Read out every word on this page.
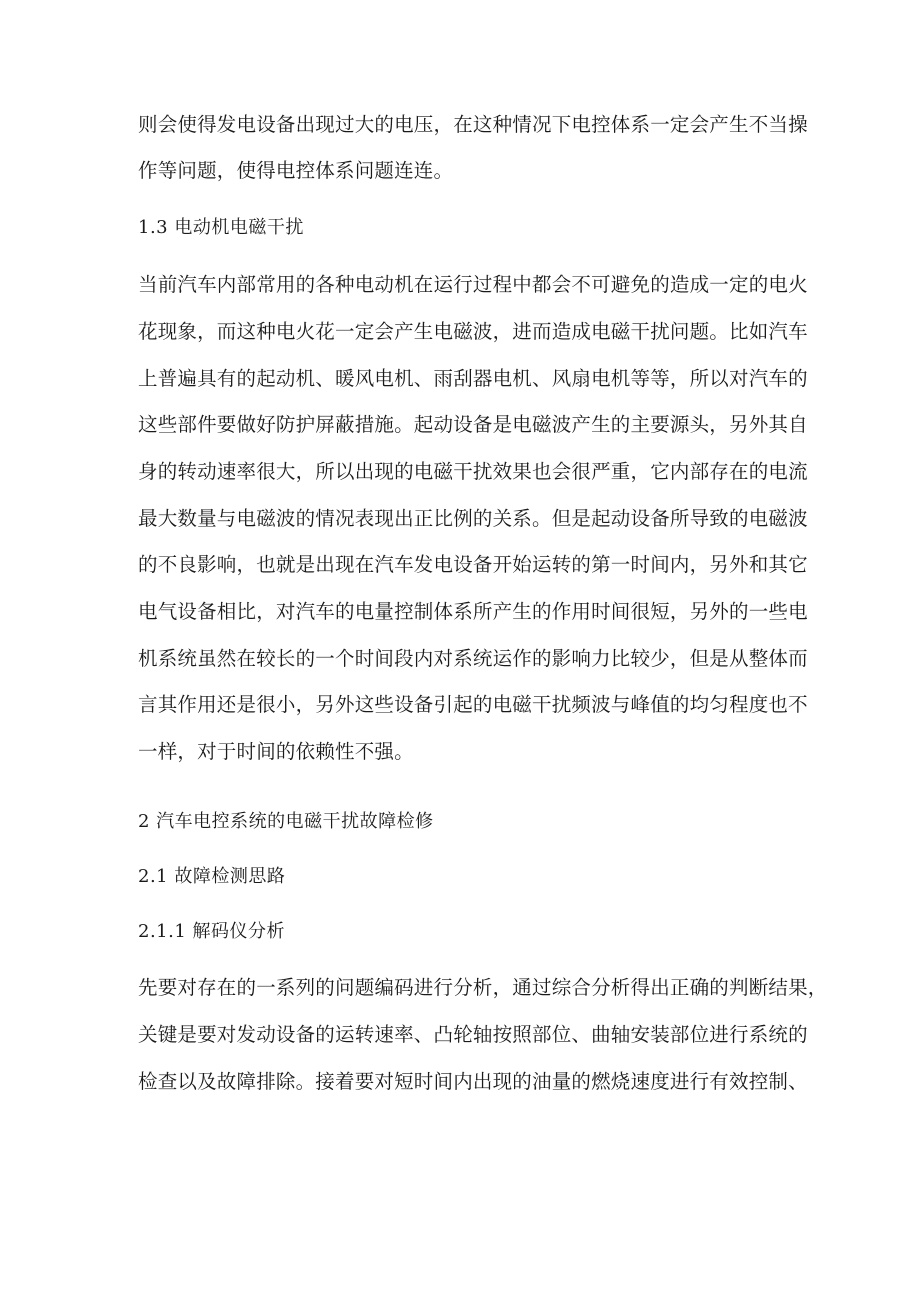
则会使得发电设备出现过大的电压，在这种情况下电控体系一定会产生不当操
作等问题，使得电控体系问题连连。
1.3 电动机电磁干扰
当前汽车内部常用的各种电动机在运行过程中都会不可避免的造成一定的电火
花现象，而这种电火花一定会产生电磁波，进而造成电磁干扰问题。比如汽车
上普遍具有的起动机、暖风电机、雨刮器电机、风扇电机等等，所以对汽车的
这些部件要做好防护屏蔽措施。起动设备是电磁波产生的主要源头，另外其自
身的转动速率很大，所以出现的电磁干扰效果也会很严重，它内部存在的电流
最大数量与电磁波的情况表现出正比例的关系。但是起动设备所导致的电磁波
的不良影响，也就是出现在汽车发电设备开始运转的第一时间内，另外和其它
电气设备相比，对汽车的电量控制体系所产生的作用时间很短，另外的一些电
机系统虽然在较长的一个时间段内对系统运作的影响力比较少，但是从整体而
言其作用还是很小，另外这些设备引起的电磁干扰频波与峰值的均匀程度也不
一样，对于时间的依赖性不强。
2 汽车电控系统的电磁干扰故障检修
2.1 故障检测思路
2.1.1 解码仪分析
先要对存在的一系列的问题编码进行分析，通过综合分析得出正确的判断结果，
关键是要对发动设备的运转速率、凸轮轴按照部位、曲轴安装部位进行系统的
检查以及故障排除。接着要对短时间内出现的油量的燃烧速度进行有效控制、
